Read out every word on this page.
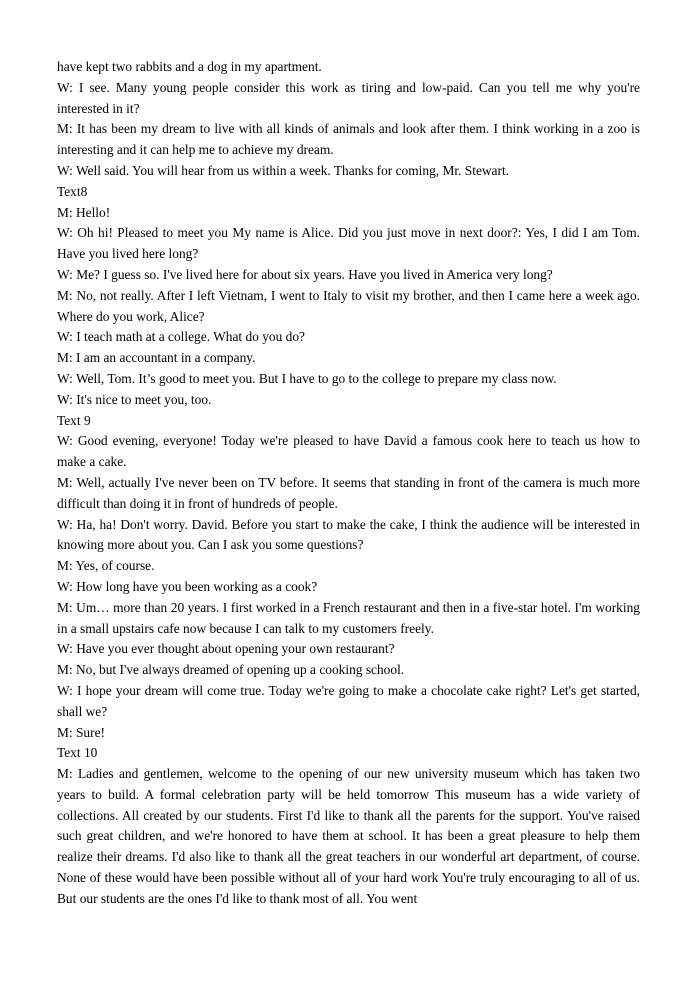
have kept two rabbits and a dog in my apartment.

W: I see. Many young people consider this work as tiring and low-paid. Can you tell me why you're interested in it?

M: It has been my dream to live with all kinds of animals and look after them. I think working in a zoo is interesting and it can help me to achieve my dream.

W: Well said. You will hear from us within a week. Thanks for coming, Mr. Stewart.

Text8

M: Hello!

W: Oh hi! Pleased to meet you My name is Alice. Did you just move in next door?: Yes, I did I am Tom. Have you lived here long?

W: Me? I guess so. I've lived here for about six years. Have you lived in America very long?

M: No, not really. After I left Vietnam, I went to Italy to visit my brother, and then I came here a week ago. Where do you work, Alice?

W: I teach math at a college. What do you do?

M: I am an accountant in a company.

W: Well, Tom. It’s good to meet you. But I have to go to the college to prepare my class now.

W: It's nice to meet you, too.

Text 9

W: Good evening, everyone! Today we're pleased to have David a famous cook here to teach us how to make a cake.

M: Well, actually I've never been on TV before. It seems that standing in front of the camera is much more difficult than doing it in front of hundreds of people.

W: Ha, ha! Don't worry. David. Before you start to make the cake, I think the audience will be interested in knowing more about you. Can I ask you some questions?

M: Yes, of course.

W: How long have you been working as a cook?

M: Um… more than 20 years. I first worked in a French restaurant and then in a five-star hotel. I'm working in a small upstairs cafe now because I can talk to my customers freely.

W: Have you ever thought about opening your own restaurant?

M: No, but I've always dreamed of opening up a cooking school.

W: I hope your dream will come true. Today we're going to make a chocolate cake right? Let's get started, shall we?

M: Sure!

Text 10

M: Ladies and gentlemen, welcome to the opening of our new university museum which has taken two years to build. A formal celebration party will be held tomorrow This museum has a wide variety of collections. All created by our students. First I'd like to thank all the parents for the support. You've raised such great children, and we're honored to have them at school. It has been a great pleasure to help them realize their dreams. I'd also like to thank all the great teachers in our wonderful art department, of course. None of these would have been possible without all of your hard work You're truly encouraging to all of us. But our students are the ones I'd like to thank most of all. You went
